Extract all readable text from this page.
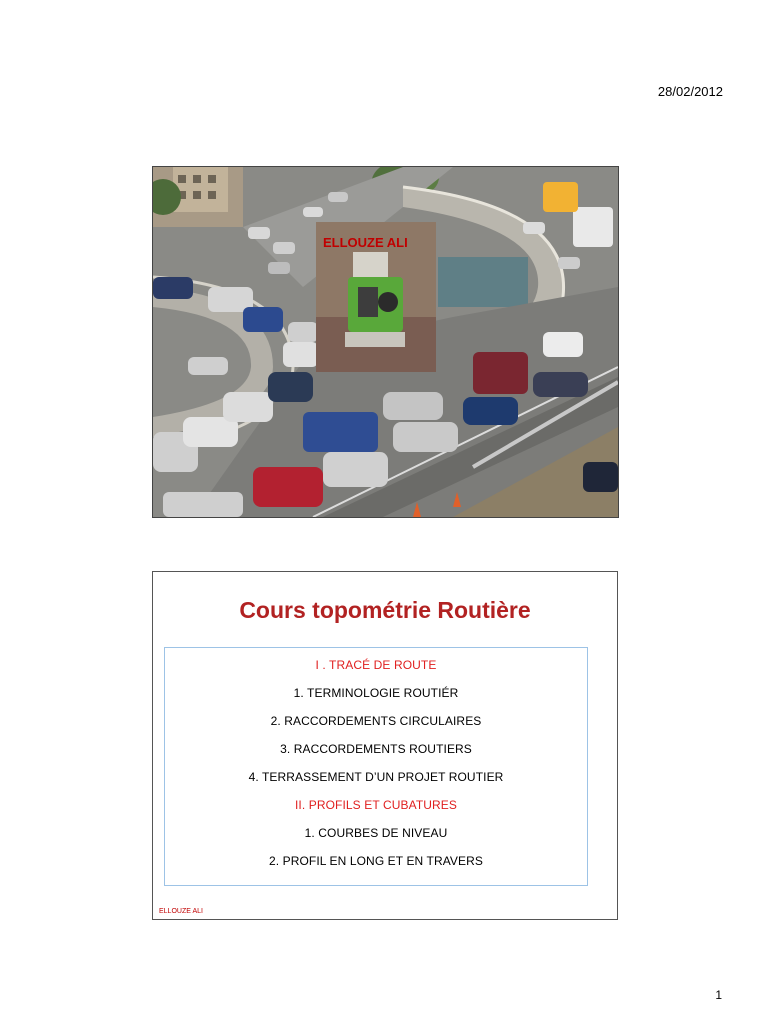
28/02/2012
ELLOUZE ALI
Cours topométrie Routière
I . TRACÉ DE ROUTE
1. TERMINOLOGIE ROUTIÉR
2. RACCORDEMENTS CIRCULAIRES
3. RACCORDEMENTS ROUTIERS
4. TERRASSEMENT D’UN PROJET ROUTIER
II. PROFILS ET CUBATURES
1. COURBES DE NIVEAU
2. PROFIL EN LONG ET EN TRAVERS
ELLOUZE ALI
1
